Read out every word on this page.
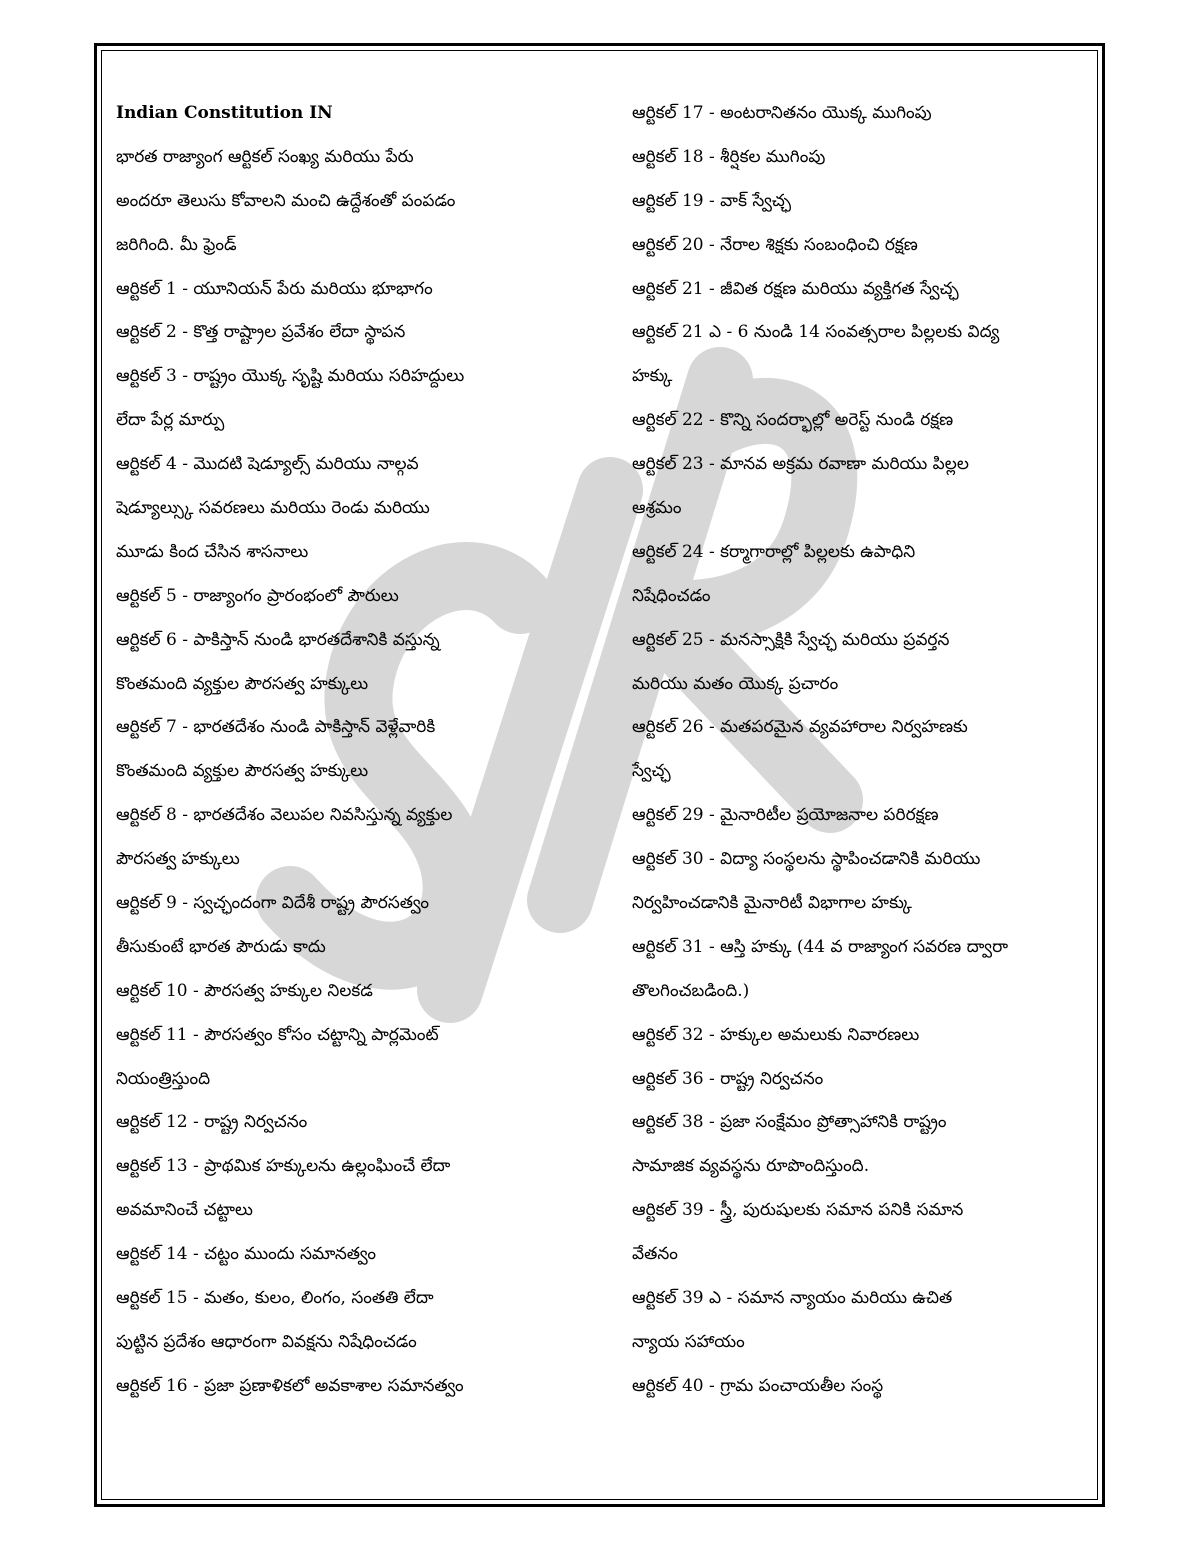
Indian Constitution IN
భారత రాజ్యాంగ ఆర్టికల్ సంఖ్య మరియు పేరు
అందరూ తెలుసు కోవాలని మంచి ఉద్దేశంతో పంపడం
జరిగింది. మీ ఫ్రెండ్
ఆర్టికల్ 1 - యూనియన్ పేరు మరియు భూభాగం
ఆర్టికల్ 2 - కొత్త రాష్ట్రాల ప్రవేశం లేదా స్థాపన
ఆర్టికల్ 3 - రాష్ట్రం యొక్క సృష్టి మరియు సరిహద్దులు
లేదా పేర్ల మార్పు
ఆర్టికల్ 4 - మొదటి షెడ్యూల్స్ మరియు నాల్గవ
షెడ్యూల్స్కు సవరణలు మరియు రెండు మరియు
మూడు కింద చేసిన శాసనాలు
ఆర్టికల్ 5 - రాజ్యాంగం ప్రారంభంలో పౌరులు
ఆర్టికల్ 6 - పాకిస్తాన్ నుండి భారతదేశానికి వస్తున్న
కొంతమంది వ్యక్తుల పౌరసత్వ హక్కులు
ఆర్టికల్ 7 - భారతదేశం నుండి పాకిస్తాన్ వెళ్లేవారికి
కొంతమంది వ్యక్తుల పౌరసత్వ హక్కులు
ఆర్టికల్ 8 - భారతదేశం వెలుపల నివసిస్తున్న వ్యక్తుల
పౌరసత్వ హక్కులు
ఆర్టికల్ 9 - స్వచ్ఛందంగా విదేశీ రాష్ట్ర పౌరసత్వం
తీసుకుంటే భారత పౌరుడు కాదు
ఆర్టికల్ 10 - పౌరసత్వ హక్కుల నిలకడ
ఆర్టికల్ 11 - పౌరసత్వం కోసం చట్టాన్ని పార్లమెంట్
నియంత్రిస్తుంది
ఆర్టికల్ 12 - రాష్ట్ర నిర్వచనం
ఆర్టికల్ 13 - ప్రాథమిక హక్కులను ఉల్లంఘించే లేదా
అవమానించే చట్టాలు
ఆర్టికల్ 14 - చట్టం ముందు సమానత్వం
ఆర్టికల్ 15 - మతం, కులం, లింగం, సంతతి లేదా
పుట్టిన ప్రదేశం ఆధారంగా వివక్షను నిషేధించడం
ఆర్టికల్ 16 - ప్రజా ప్రణాళికలో అవకాశాల సమానత్వం
ఆర్టికల్ 17 - అంటరానితనం యొక్క ముగింపు
ఆర్టికల్ 18 - శీర్షికల ముగింపు
ఆర్టికల్ 19 - వాక్ స్వేచ్ఛ
ఆర్టికల్ 20 - నేరాల శిక్షకు సంబంధించి రక్షణ
ఆర్టికల్ 21 - జీవిత రక్షణ మరియు వ్యక్తిగత స్వేచ్ఛ
ఆర్టికల్ 21 ఎ - 6 నుండి 14 సంవత్సరాల పిల్లలకు విద్య
హక్కు
ఆర్టికల్ 22 - కొన్ని సందర్భాల్లో అరెస్ట్ నుండి రక్షణ
ఆర్టికల్ 23 - మానవ అక్రమ రవాణా మరియు పిల్లల
ఆశ్రమం
ఆర్టికల్ 24 - కర్మాగారాల్లో పిల్లలకు ఉపాధిని
నిషేధించడం
ఆర్టికల్ 25 - మనస్సాక్షికి స్వేచ్ఛ మరియు ప్రవర్తన
మరియు మతం యొక్క ప్రచారం
ఆర్టికల్ 26 - మతపరమైన వ్యవహారాల నిర్వహణకు
స్వేచ్ఛ
ఆర్టికల్ 29 - మైనారిటీల ప్రయోజనాల పరిరక్షణ
ఆర్టికల్ 30 - విద్యా సంస్థలను స్థాపించడానికి మరియు
నిర్వహించడానికి మైనారిటీ విభాగాల హక్కు
ఆర్టికల్ 31 - ఆస్తి హక్కు (44 వ రాజ్యాంగ సవరణ ద్వారా
తొలగించబడింది.)
ఆర్టికల్ 32 - హక్కుల అమలుకు నివారణలు
ఆర్టికల్ 36 - రాష్ట్ర నిర్వచనం
ఆర్టికల్ 38 - ప్రజా సంక్షేమం ప్రోత్సాహానికి రాష్ట్రం
సామాజిక వ్యవస్థను రూపొందిస్తుంది.
ఆర్టికల్ 39 - స్త్రీ, పురుషులకు సమాన పనికి సమాన
వేతనం
ఆర్టికల్ 39 ఎ - సమాన న్యాయం మరియు ఉచిత
న్యాయ సహాయం
ఆర్టికల్ 40 - గ్రామ పంచాయతీల సంస్థ
